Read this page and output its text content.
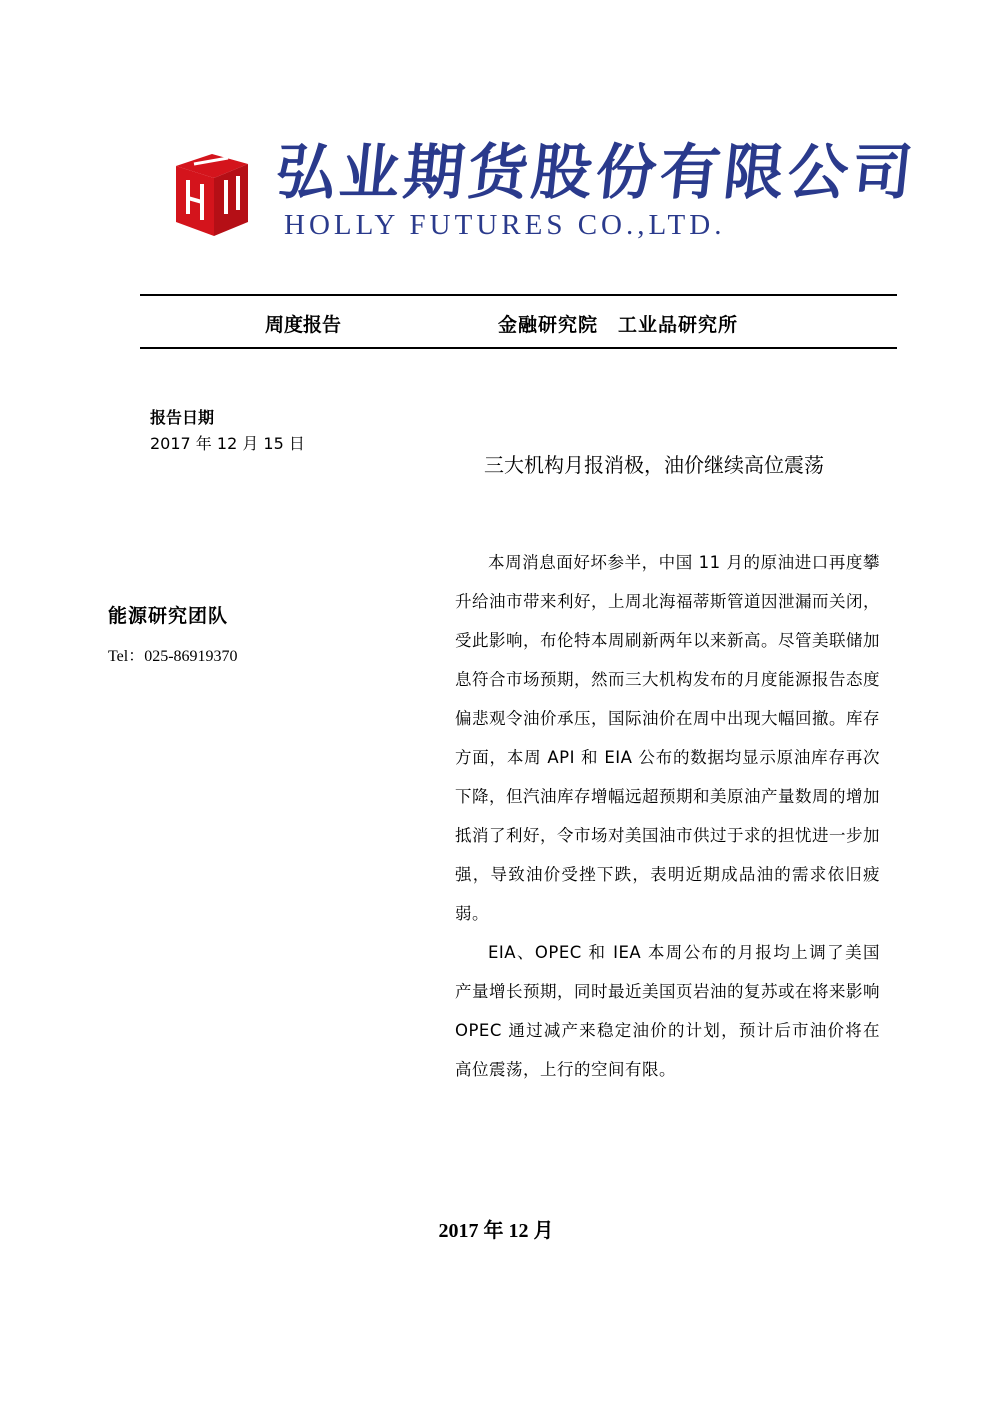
弘业期货股份有限公司
HOLLY FUTURES CO.,LTD.
周度报告	金融研究院　工业品研究所
报告日期
2017 年 12 月 15 日
三大机构月报消极，油价继续高位震荡
能源研究团队
Tel：025-86919370

本周消息面好坏参半，中国 11 月的原油进口再度攀升给油市带来利好，上周北海福蒂斯管道因泄漏而关闭，受此影响，布伦特本周刷新两年以来新高。尽管美联储加息符合市场预期，然而三大机构发布的月度能源报告态度偏悲观令油价承压，国际油价在周中出现大幅回撤。库存方面，本周 API 和 EIA 公布的数据均显示原油库存再次下降，但汽油库存增幅远超预期和美原油产量数周的增加抵消了利好，令市场对美国油市供过于求的担忧进一步加强，导致油价受挫下跌，表明近期成品油的需求依旧疲弱。

EIA、OPEC 和 IEA 本周公布的月报均上调了美国产量增长预期，同时最近美国页岩油的复苏或在将来影响 OPEC 通过减产来稳定油价的计划，预计后市油价将在高位震荡，上行的空间有限。

2017 年 12 月
